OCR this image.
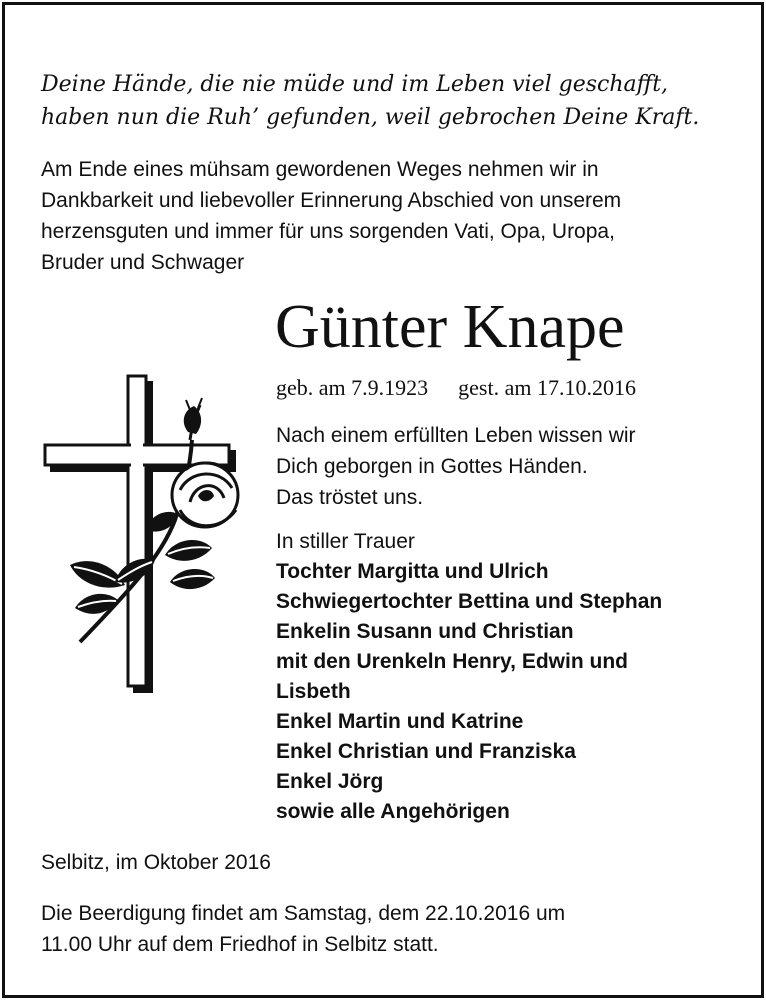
Deine Hände, die nie müde und im Leben viel geschafft,
haben nun die Ruh’ gefunden, weil gebrochen Deine Kraft.
Am Ende eines mühsam gewordenen Weges nehmen wir in
Dankbarkeit und liebevoller Erinnerung Abschied von unserem
herzensguten und immer für uns sorgenden Vati, Opa, Uropa,
Bruder und Schwager
Günter Knape
geb. am 7.9.1923 gest. am 17.10.2016
Nach einem erfüllten Leben wissen wir
Dich geborgen in Gottes Händen.
Das tröstet uns.
In stiller Trauer
Tochter Margitta und Ulrich
Schwiegertochter Bettina und Stephan
Enkelin Susann und Christian
mit den Urenkeln Henry, Edwin und
Lisbeth
Enkel Martin und Katrine
Enkel Christian und Franziska
Enkel Jörg
sowie alle Angehörigen
Selbitz, im Oktober 2016
Die Beerdigung findet am Samstag, dem 22.10.2016 um
11.00 Uhr auf dem Friedhof in Selbitz statt.
